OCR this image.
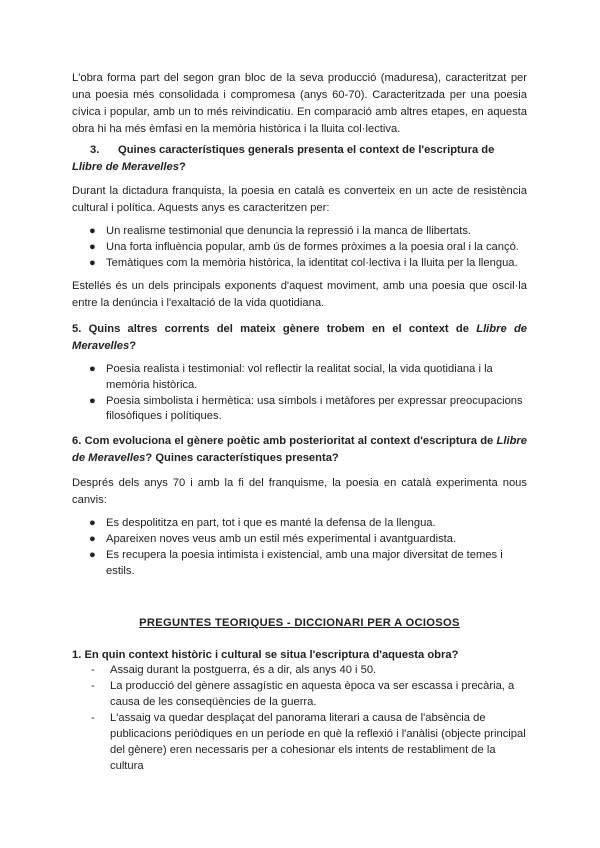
L'obra forma part del segon gran bloc de la seva producció (maduresa), caracteritzat per una poesia més consolidada i compromesa (anys 60-70). Caracteritzada per una poesia cívica i popular, amb un to més reivindicatiu. En comparació amb altres etapes, en aquesta obra hi ha més èmfasi en la memòria històrica i la lluita col·lectiva.

3. Quines característiques generals presenta el context de l'escriptura de Llibre de Meravelles?

Durant la dictadura franquista, la poesia en català es converteix en un acte de resistència cultural i política. Aquests anys es caracteritzen per:

● Un realisme testimonial que denuncia la repressió i la manca de llibertats.
● Una forta influència popular, amb ús de formes pròximes a la poesia oral i la cançó.
● Temàtiques com la memòria històrica, la identitat col·lectiva i la lluita per la llengua.

Estellés és un dels principals exponents d'aquest moviment, amb una poesia que oscil·la entre la denúncia i l'exaltació de la vida quotidiana.

5. Quins altres corrents del mateix gènere trobem en el context de Llibre de Meravelles?
● Poesia realista i testimonial: vol reflectir la realitat social, la vida quotidiana i la memòria històrica.
● Poesia simbolista i hermètica: usa símbols i metàfores per expressar preocupacions filosòfiques i polítiques.
6. Com evoluciona el gènere poètic amb posterioritat al context d'escriptura de Llibre de Meravelles? Quines característiques presenta?

Després dels anys 70 i amb la fi del franquisme, la poesia en català experimenta nous canvis:

● Es despolititza en part, tot i que es manté la defensa de la llengua.
● Apareixen noves veus amb un estil més experimental i avantguardista.
● Es recupera la poesia intimista i existencial, amb una major diversitat de temes i estils.
PREGUNTES TEORIQUES - DICCIONARI PER A OCIOSOS
1. En quin context històric i cultural se situa l'escriptura d'aquesta obra?
- Assaig durant la postguerra, és a dir, als anys 40 i 50.
- La producció del gènere assagístic en aquesta època va ser escassa i precària, a causa de les conseqüències de la guerra.
- L'assaig va quedar desplaçat del panorama literari a causa de l'absència de publicacions periòdiques en un període en què la reflexió i l'anàlisi (objecte principal del gènere) eren necessaris per a cohesionar els intents de restabliment de la cultura
